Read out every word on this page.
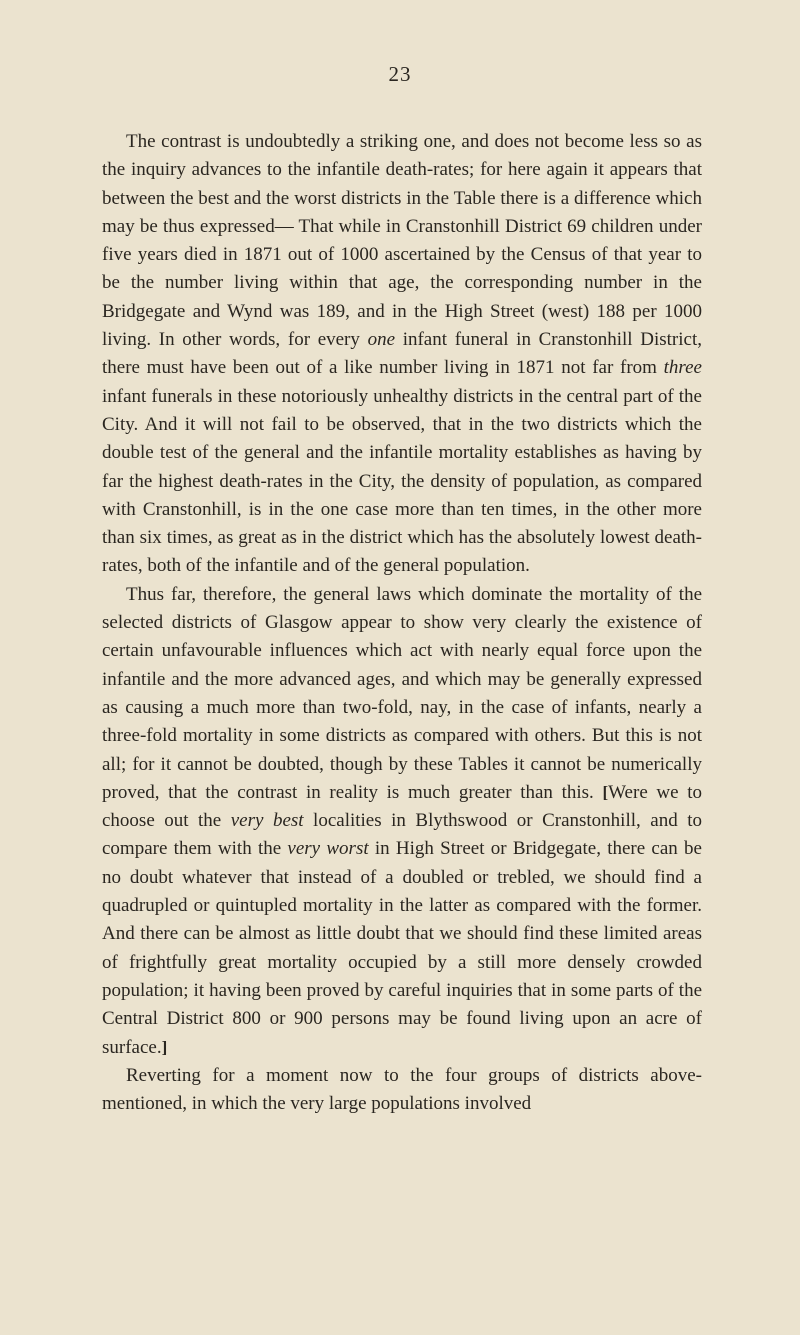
23

The contrast is undoubtedly a striking one, and does not become less so as the inquiry advances to the infantile death-rates; for here again it appears that between the best and the worst districts in the Table there is a difference which may be thus expressed— That while in Cranstonhill District 69 children under five years died in 1871 out of 1000 ascertained by the Census of that year to be the number living within that age, the corresponding number in the Bridgegate and Wynd was 189, and in the High Street (west) 188 per 1000 living. In other words, for every one infant funeral in Cranstonhill District, there must have been out of a like number living in 1871 not far from three infant funerals in these notoriously unhealthy districts in the central part of the City. And it will not fail to be observed, that in the two districts which the double test of the general and the infantile mortality establishes as having by far the highest death-rates in the City, the density of population, as compared with Cranstonhill, is in the one case more than ten times, in the other more than six times, as great as in the district which has the absolutely lowest death-rates, both of the infantile and of the general population.

Thus far, therefore, the general laws which dominate the mortality of the selected districts of Glasgow appear to show very clearly the existence of certain unfavourable influences which act with nearly equal force upon the infantile and the more advanced ages, and which may be generally expressed as causing a much more than two-fold, nay, in the case of infants, nearly a three-fold mortality in some districts as compared with others. But this is not all; for it cannot be doubted, though by these Tables it cannot be numerically proved, that the contrast in reality is much greater than this. [Were we to choose out the very best localities in Blythswood or Cranstonhill, and to compare them with the very worst in High Street or Bridgegate, there can be no doubt whatever that instead of a doubled or trebled, we should find a quadrupled or quintupled mortality in the latter as compared with the former. And there can be almost as little doubt that we should find these limited areas of frightfully great mortality occupied by a still more densely crowded population; it having been proved by careful inquiries that in some parts of the Central District 800 or 900 persons may be found living upon an acre of surface.]

Reverting for a moment now to the four groups of districts above-mentioned, in which the very large populations involved
